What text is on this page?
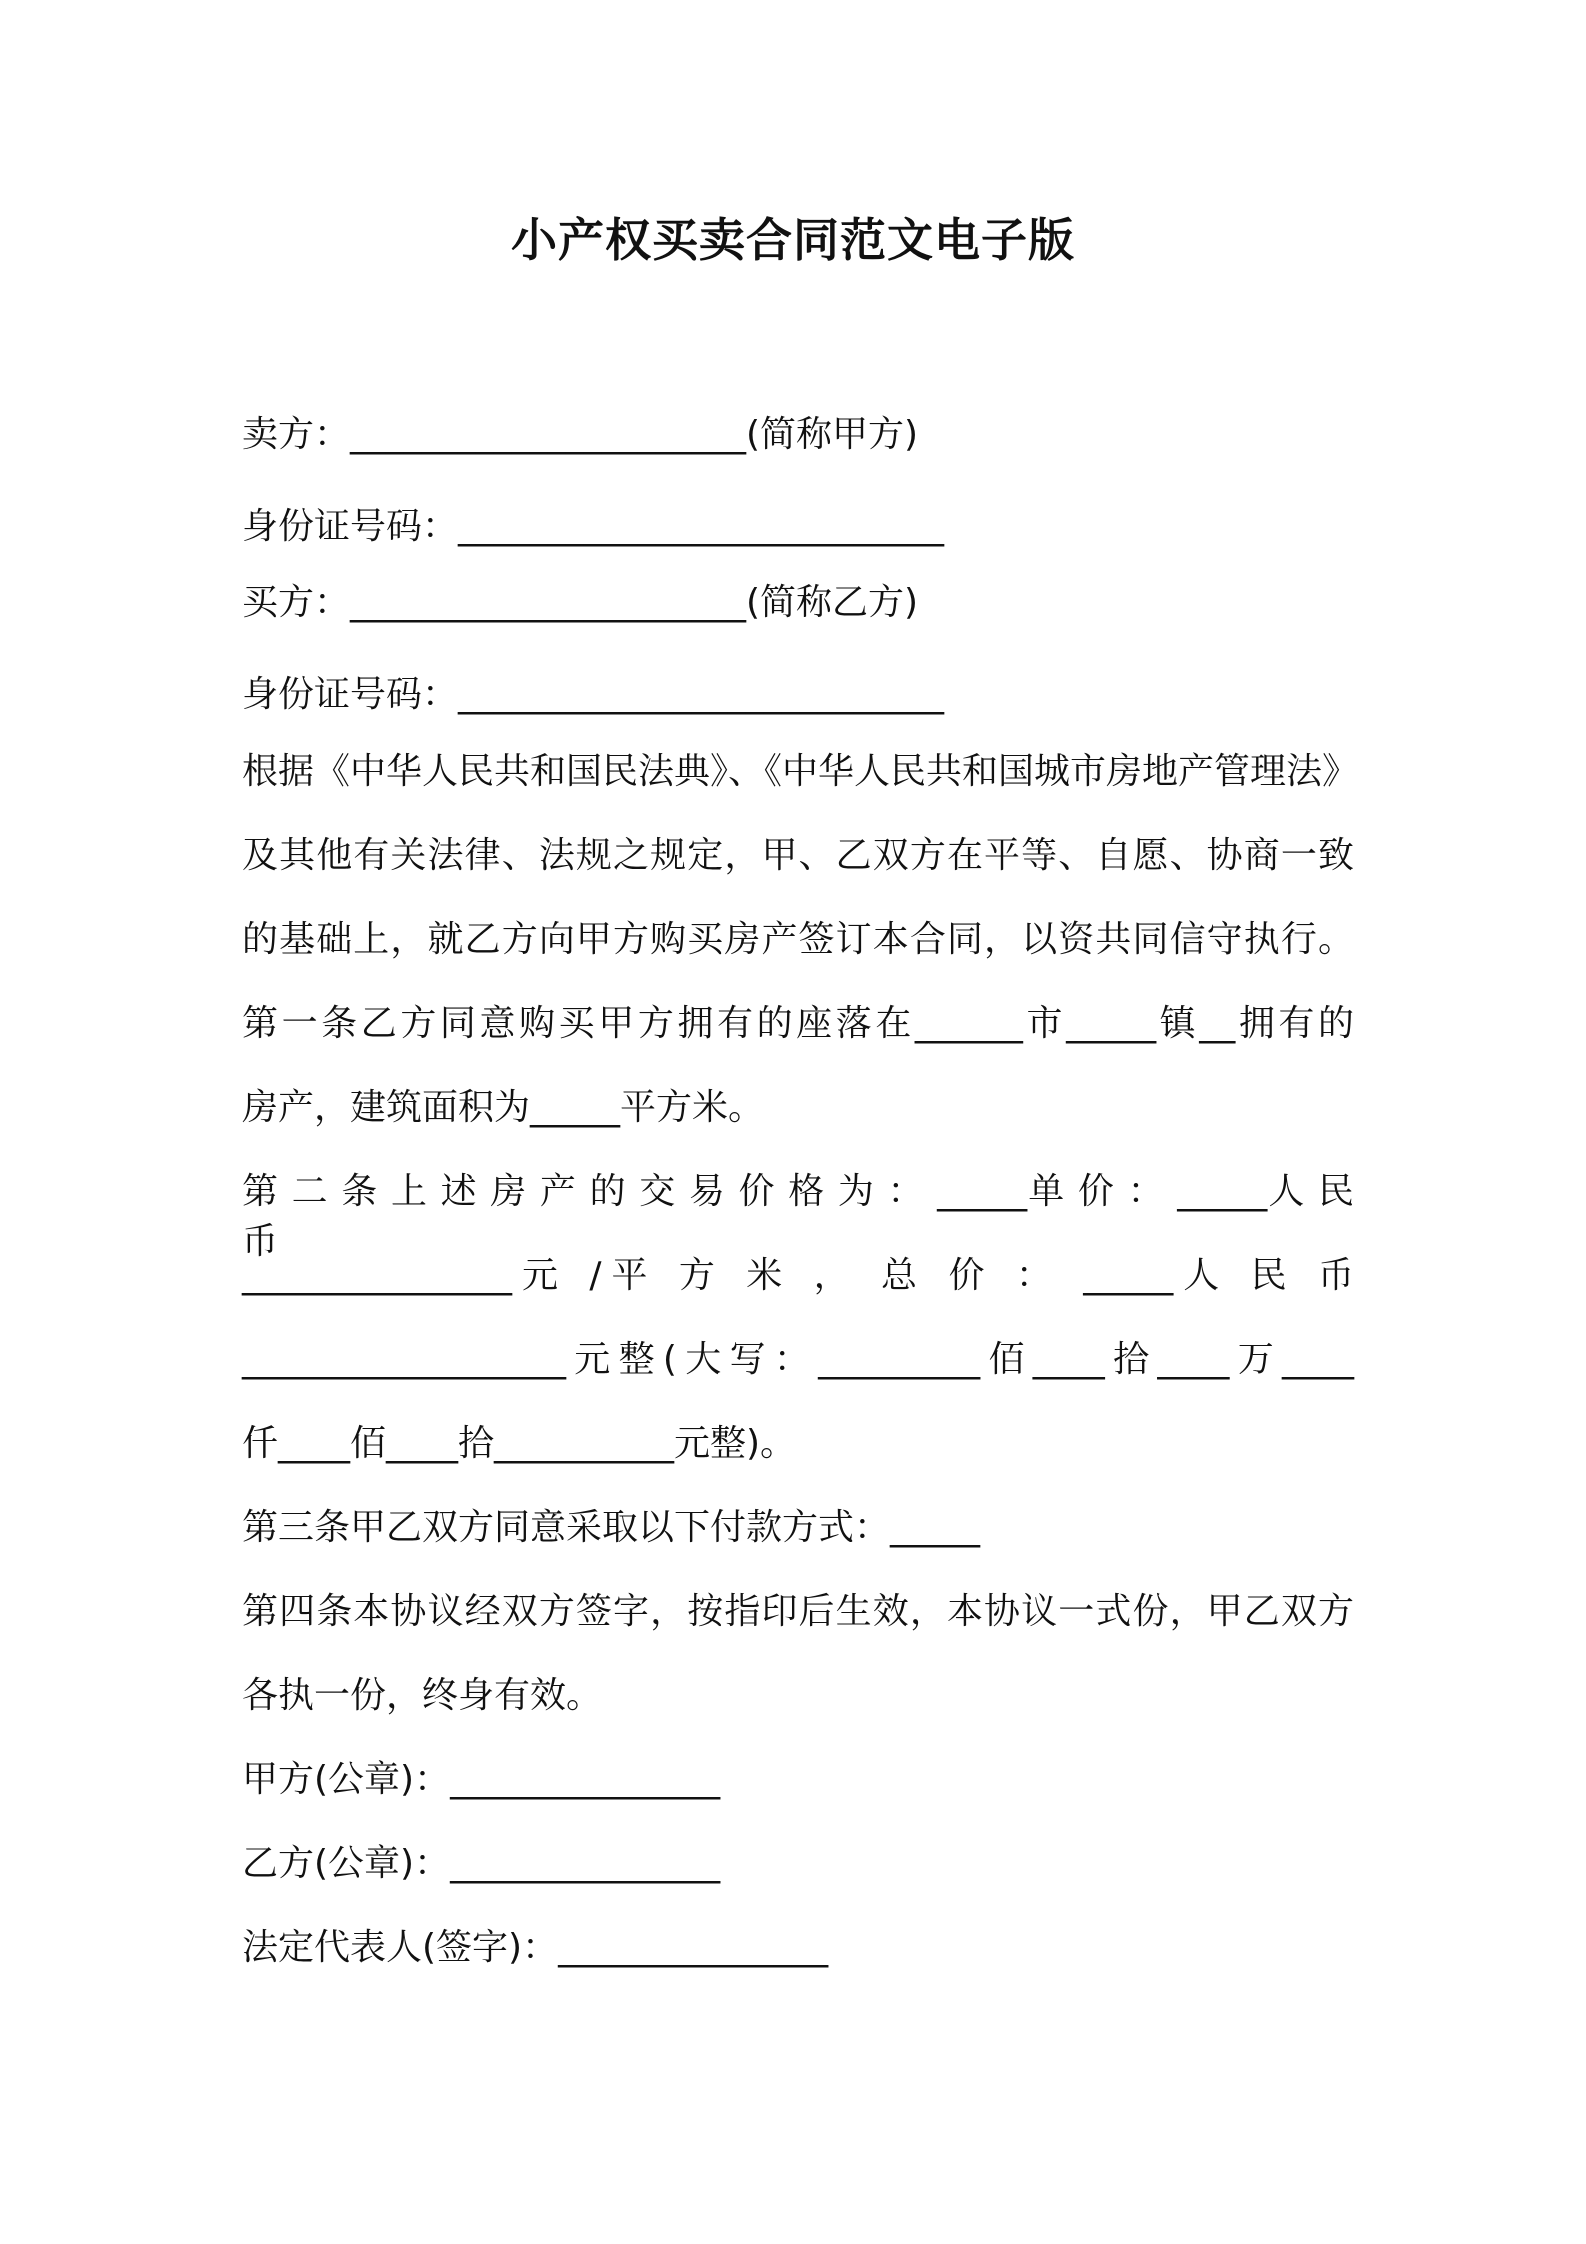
小产权买卖合同范文电子版
卖方：______________________(简称甲方)
身份证号码：___________________________
买方：______________________(简称乙方)
身份证号码：___________________________
根据《中华人民共和国民法典》、《中华人民共和国城市房地产管理法》
及其他有关法律、法规之规定，甲、乙双方在平等、自愿、协商一致
的基础上，就乙方向甲方购买房产签订本合同，以资共同信守执行。
第一条乙方同意购买甲方拥有的座落在______市_____镇__拥有的
房产，建筑面积为_____平方米。
第 二 条 上 述 房 产 的 交 易 价 格 为 ： _____单 价 ： _____人 民 币
_______________元 /平 方 米 ， 总 价 ： _____人 民 币
__________________元整(大写：_________佰____拾____万____
仟____佰____拾__________元整)。
第三条甲乙双方同意采取以下付款方式：_____
第四条本协议经双方签字，按指印后生效，本协议一式份，甲乙双方
各执一份，终身有效。
甲方(公章)：_______________
乙方(公章)：_______________
法定代表人(签字)：_______________
